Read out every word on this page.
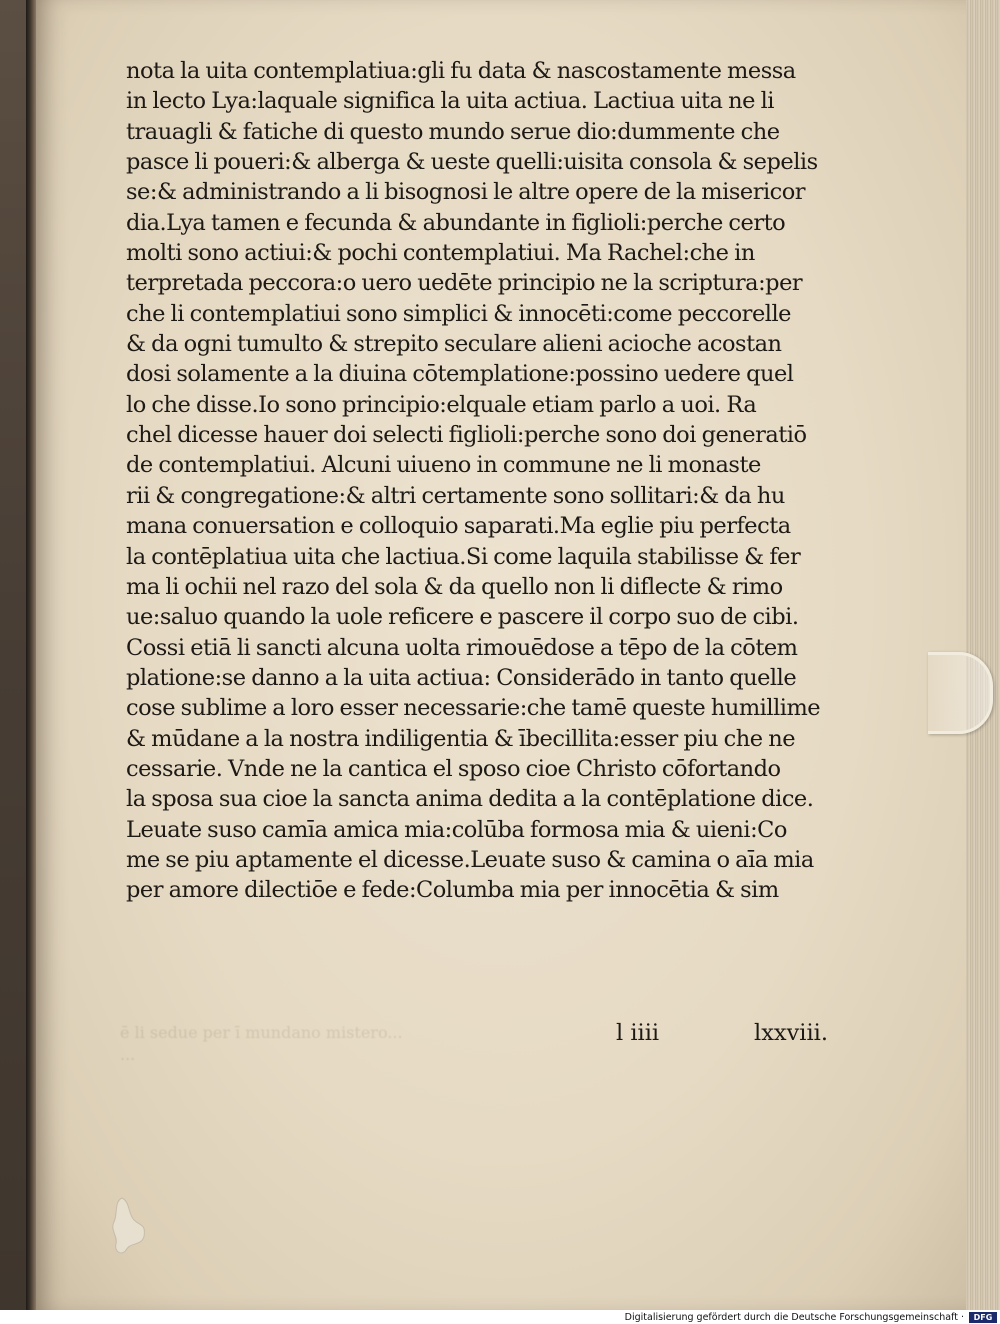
nota la uita contemplatiua:gli fu data & nascostamente messa
in lecto Lya:laquale significa la uita actiua. Lactiua uita ne li
trauagli & fatiche di questo mundo serue dio:dummente che
pasce li poueri:& alberga & ueste quelli:uisita consola & sepelis
se:& administrando a li bisognosi le altre opere de la misericor
dia.Lya tamen e fecunda & abundante in figlioli:perche certo
molti sono actiui:& pochi contemplatiui. Ma Rachel:che in
terpretada peccora:o uero uedēte principio ne la scriptura:per
che li contemplatiui sono simplici & innocēti:come peccorelle
& da ogni tumulto & strepito seculare alieni acioche acostan
dosi solamente a la diuina cōtemplatione:possino uedere quel
lo che disse.Io sono principio:elquale etiam parlo a uoi. Ra
chel dicesse hauer doi selecti figlioli:perche sono doi generatiō
de contemplatiui. Alcuni uiueno in commune ne li monaste
rii & congregatione:& altri certamente sono sollitari:& da hu
mana conuersation e colloquio saparati.Ma eglie piu perfecta
la contēplatiua uita che lactiua.Si come laquila stabilisse & fer
ma li ochii nel razo del sola & da quello non li diflecte & rimo
ue:saluo quando la uole reficere e pascere il corpo suo de cibi.
Cossi etiā li sancti alcuna uolta rimouēdose a tēpo de la cōtem
platione:se danno a la uita actiua: Considerādo in tanto quelle
cose sublime a loro esser necessarie:che tamē queste humillime
& mūdane a la nostra indiligentia & ībecillita:esser piu che ne
cessarie. Vnde ne la cantica el sposo cioe Christo cōfortando
la sposa sua cioe la sancta anima dedita a la contēplatione dice.
Leuate suso camīa amica mia:colūba formosa mia & uieni:Co
me se piu aptamente el dicesse.Leuate suso & camina o aīa mia
per amore dilectiōe e fede:Columba mia per innocētia & sim
l iiii	lxxviii.
Digitalisierung gefördert durch die Deutsche Forschungsgemeinschaft ·	DFG
